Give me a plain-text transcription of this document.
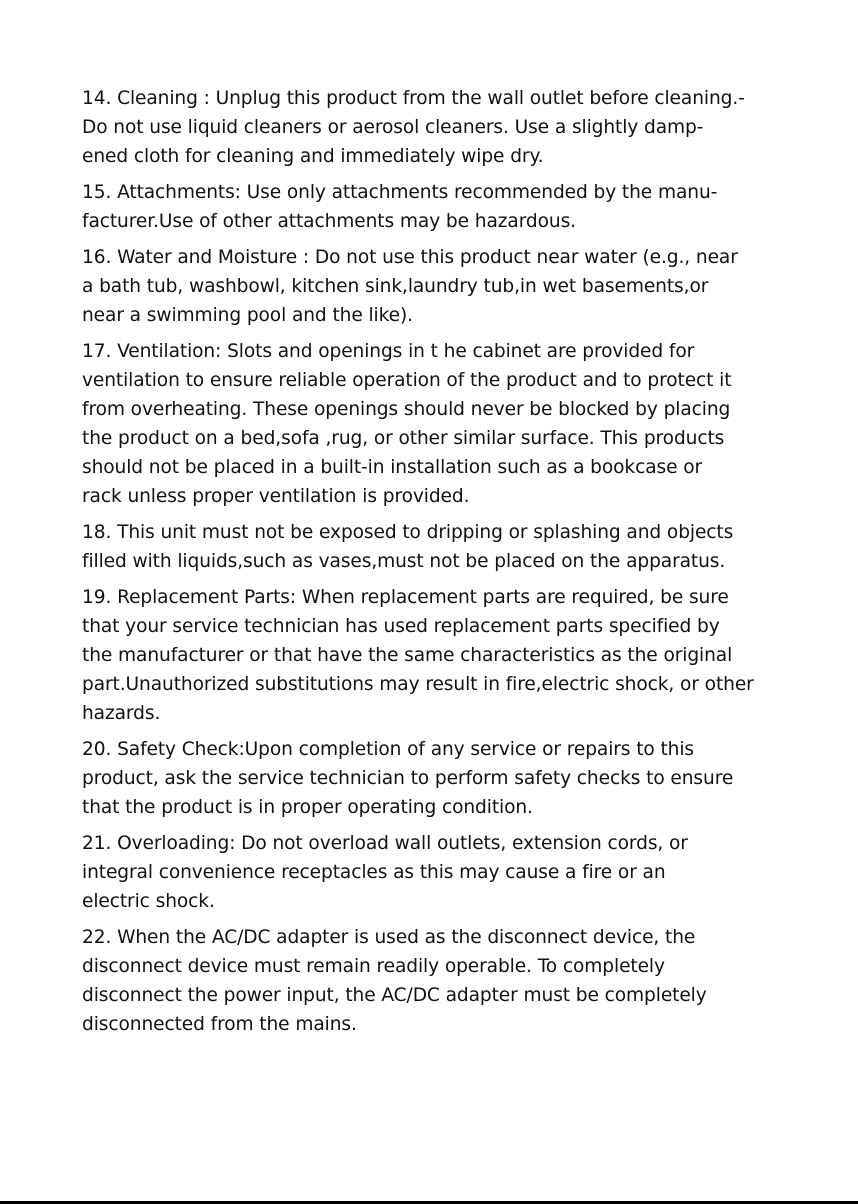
14. Cleaning : Unplug this product from the wall outlet before cleaning.-
Do not use liquid cleaners or aerosol cleaners. Use a slightly damp-
ened cloth for cleaning and immediately wipe dry.
15. Attachments: Use only attachments recommended by the manu-
facturer.Use of other attachments may be hazardous.
16. Water and Moisture : Do not use this product near water (e.g., near
a bath tub, washbowl, kitchen sink,laundry tub,in wet basements,or
near a swimming pool and the like).
17. Ventilation: Slots and openings in t he cabinet are provided for
ventilation to ensure reliable operation of the product and to protect it
from overheating. These openings should never be blocked by placing
the product on a bed,sofa ,rug, or other similar surface. This products
should not be placed in a built-in installation such as a bookcase or
rack unless proper ventilation is provided.
18. This unit must not be exposed to dripping or splashing and objects
filled with liquids,such as vases,must not be placed on the apparatus.
19. Replacement Parts: When replacement parts are required, be sure
that your service technician has used replacement parts specified by
the manufacturer or that have the same characteristics as the original
part.Unauthorized substitutions may result in fire,electric shock, or other
hazards.
20. Safety Check:Upon completion of any service or repairs to this
product, ask the service technician to perform safety checks to ensure
that the product is in proper operating condition.
21. Overloading: Do not overload wall outlets, extension cords, or
integral convenience receptacles as this may cause a fire or an
electric shock.
22. When the AC/DC adapter is used as the disconnect device, the
disconnect device must remain readily operable. To completely
disconnect the power input, the AC/DC adapter must be completely
disconnected from the mains.
